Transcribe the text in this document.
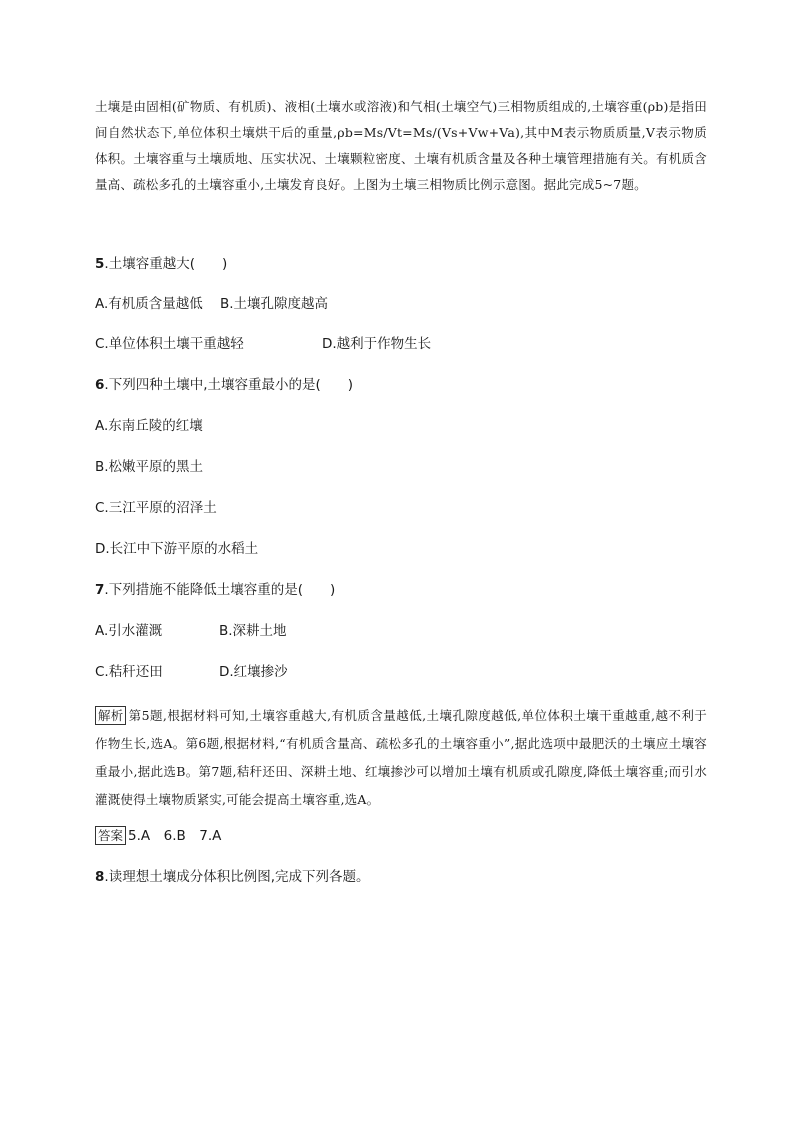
土壤是由固相(矿物质、有机质)、液相(土壤水或溶液)和气相(土壤空气)三相物质组成的,土壤容重(ρb)是指田间自然状态下,单位体积土壤烘干后的重量,ρb=Ms/Vt=Ms/(Vs+Vw+Va),其中M表示物质质量,V表示物质体积。土壤容重与土壤质地、压实状况、土壤颗粒密度、土壤有机质含量及各种土壤管理措施有关。有机质含量高、疏松多孔的土壤容重小,土壤发育良好。上图为土壤三相物质比例示意图。据此完成5~7题。

5.土壤容重越大(　　)
A.有机质含量越低 B.土壤孔隙度越高
C.单位体积土壤干重越轻	D.越利于作物生长
6.下列四种土壤中,土壤容重最小的是(　　)
A.东南丘陵的红壤
B.松嫩平原的黑土
C.三江平原的沼泽土
D.长江中下游平原的水稻土
7.下列措施不能降低土壤容重的是(　　)
A.引水灌溉	B.深耕土地
C.秸秆还田	D.红壤掺沙

解析 第5题,根据材料可知,土壤容重越大,有机质含量越低,土壤孔隙度越低,单位体积土壤干重越重,越不利于作物生长,选A。第6题,根据材料,“有机质含量高、疏松多孔的土壤容重小”,据此选项中最肥沃的土壤应土壤容重最小,据此选B。第7题,秸秆还田、深耕土地、红壤掺沙可以增加土壤有机质或孔隙度,降低土壤容重;而引水灌溉使得土壤物质紧实,可能会提高土壤容重,选A。

答案 5.A　6.B　7.A
8.读理想土壤成分体积比例图,完成下列各题。
